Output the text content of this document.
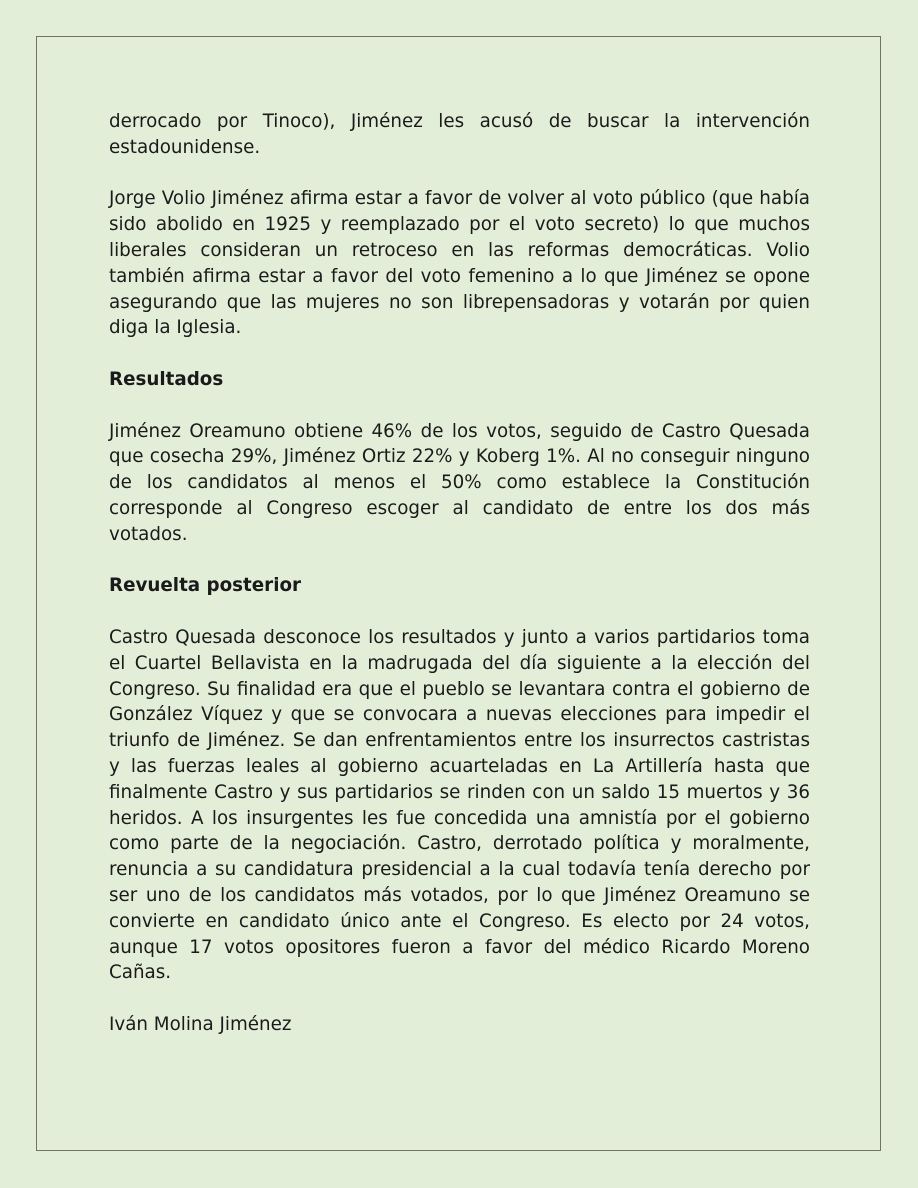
derrocado por Tinoco), Jiménez les acusó de buscar la intervención estadounidense.

Jorge Volio Jiménez afirma estar a favor de volver al voto público (que había sido abolido en 1925 y reemplazado por el voto secreto) lo que muchos liberales consideran un retroceso en las reformas democráticas. Volio también afirma estar a favor del voto femenino a lo que Jiménez se opone asegurando que las mujeres no son librepensadoras y votarán por quien diga la Iglesia.

Resultados

Jiménez Oreamuno obtiene 46% de los votos, seguido de Castro Quesada que cosecha 29%, Jiménez Ortiz 22% y Koberg 1%. Al no conseguir ninguno de los candidatos al menos el 50% como establece la Constitución corresponde al Congreso escoger al candidato de entre los dos más votados.

Revuelta posterior

Castro Quesada desconoce los resultados y junto a varios partidarios toma el Cuartel Bellavista en la madrugada del día siguiente a la elección del Congreso. Su finalidad era que el pueblo se levantara contra el gobierno de González Víquez y que se convocara a nuevas elecciones para impedir el triunfo de Jiménez. Se dan enfrentamientos entre los insurrectos castristas y las fuerzas leales al gobierno acuarteladas en La Artillería hasta que finalmente Castro y sus partidarios se rinden con un saldo 15 muertos y 36 heridos. A los insurgentes les fue concedida una amnistía por el gobierno como parte de la negociación. Castro, derrotado política y moralmente, renuncia a su candidatura presidencial a la cual todavía tenía derecho por ser uno de los candidatos más votados, por lo que Jiménez Oreamuno se convierte en candidato único ante el Congreso. Es electo por 24 votos, aunque 17 votos opositores fueron a favor del médico Ricardo Moreno Cañas.

Iván Molina Jiménez
